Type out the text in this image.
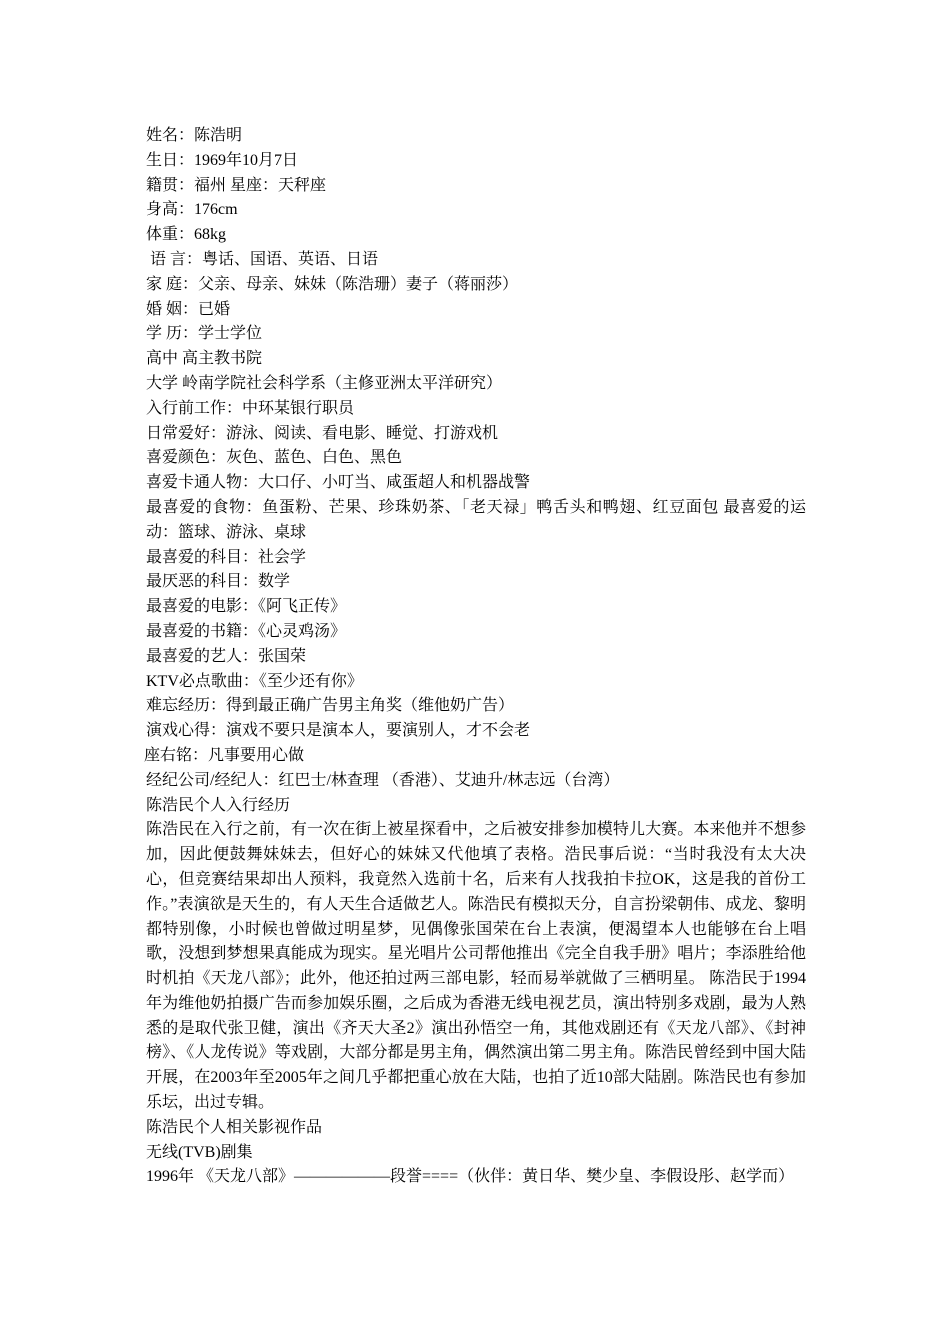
姓名：陈浩明

生日：1969年10月7日

籍贯：福州 星座：天秤座

身高：176cm

体重：68kg

语 言：粤话、国语、英语、日语

家 庭：父亲、母亲、妹妹（陈浩珊）妻子（蒋丽莎）

婚 姻：已婚

学 历：学士学位

高中 高主教书院

大学 岭南学院社会科学系（主修亚洲太平洋研究）

入行前工作：中环某银行职员

日常爱好：游泳、阅读、看电影、睡觉、打游戏机

喜爱颜色：灰色、蓝色、白色、黑色

喜爱卡通人物：大口仔、小叮当、咸蛋超人和机器战警

最喜爱的食物：鱼蛋粉、芒果、珍珠奶茶、「老天禄」鸭舌头和鸭翅、红豆面包 最喜爱的运动：篮球、游泳、桌球

最喜爱的科目：社会学

最厌恶的科目：数学

最喜爱的电影：《阿飞正传》

最喜爱的书籍：《心灵鸡汤》

最喜爱的艺人：张国荣

KTV必点歌曲：《至少还有你》

难忘经历：得到最正确广告男主角奖（维他奶广告）

演戏心得：演戏不要只是演本人，要演别人，才不会老

座右铭：凡事要用心做

经纪公司/经纪人：红巴士/林查理 （香港）、艾迪升/林志远（台湾）

陈浩民个人入行经历

陈浩民在入行之前，有一次在街上被星探看中，之后被安排参加模特儿大赛。本来他并不想参加，因此便鼓舞妹妹去，但好心的妹妹又代他填了表格。浩民事后说：“当时我没有太大决心，但竞赛结果却出人预料，我竟然入选前十名，后来有人找我拍卡拉OK，这是我的首份工作。”表演欲是天生的，有人天生合适做艺人。陈浩民有模拟天分，自言扮梁朝伟、成龙、黎明都特别像，小时候也曾做过明星梦，见偶像张国荣在台上表演，便渴望本人也能够在台上唱歌，没想到梦想果真能成为现实。星光唱片公司帮他推出《完全自我手册》唱片；李添胜给他时机拍《天龙八部》；此外，他还拍过两三部电影，轻而易举就做了三栖明星。 陈浩民于1994年为维他奶拍摄广告而参加娱乐圈，之后成为香港无线电视艺员，演出特别多戏剧，最为人熟悉的是取代张卫健，演出《齐天大圣2》演出孙悟空一角，其他戏剧还有《天龙八部》、《封神榜》、《人龙传说》等戏剧，大部分都是男主角，偶然演出第二男主角。陈浩民曾经到中国大陆开展，在2003年至2005年之间几乎都把重心放在大陆，也拍了近10部大陆剧。陈浩民也有参加乐坛，出过专辑。

陈浩民个人相关影视作品

无线(TVB)剧集

1996年 《天龙八部》——————段誉====（伙伴：黄日华、樊少皇、李假设彤、赵学而）
